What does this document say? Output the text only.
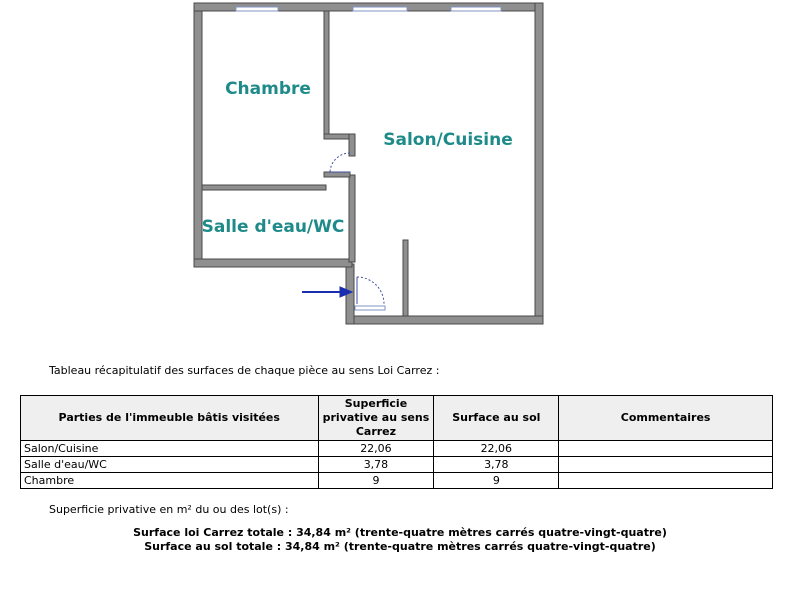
Chambre
Salon/Cuisine
Salle d'eau/WC
Tableau récapitulatif des surfaces de chaque pièce au sens Loi Carrez :
Parties de l'immeuble bâtis visitées	Superficie privative au sens Carrez	Surface au sol	Commentaires
Salon/Cuisine	22,06	22,06	
Salle d'eau/WC	3,78	3,78	
Chambre	9	9	
Superficie privative en m² du ou des lot(s) :
Surface loi Carrez totale : 34,84 m² (trente-quatre mètres carrés quatre-vingt-quatre)
Surface au sol totale : 34,84 m² (trente-quatre mètres carrés quatre-vingt-quatre)
